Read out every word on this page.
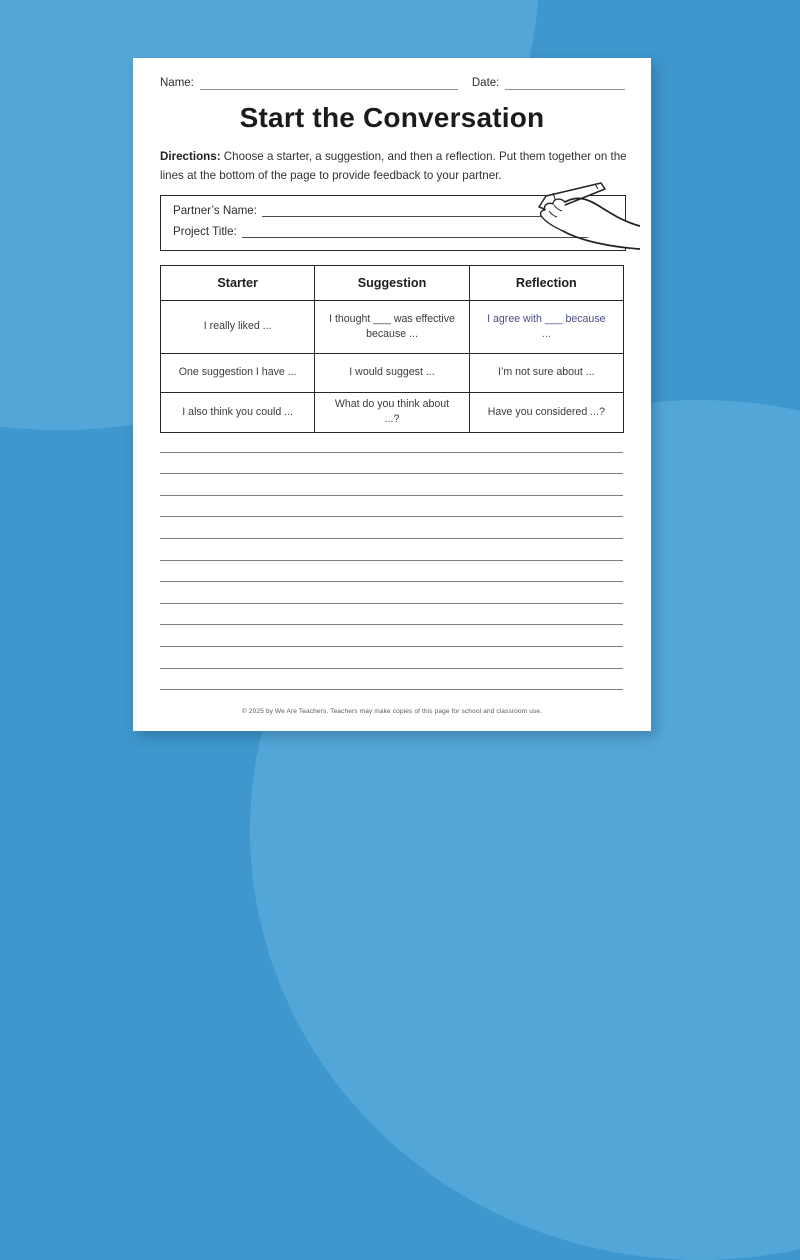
Name:	Date:
Start the Conversation
Directions: Choose a starter, a suggestion, and then a reflection. Put them together on the lines at the bottom of the page to provide feedback to your partner.
Partner’s Name:
Project Title:
Starter	Suggestion	Reflection
I really liked ...	I thought ___ was effective because ...	I agree with ___ because ...
One suggestion I have ...	I would suggest ...	I’m not sure about ...
I also think you could ...	What do you think about ...?	Have you considered ...?
© 2025 by We Are Teachers. Teachers may make copies of this page for school and classroom use.
